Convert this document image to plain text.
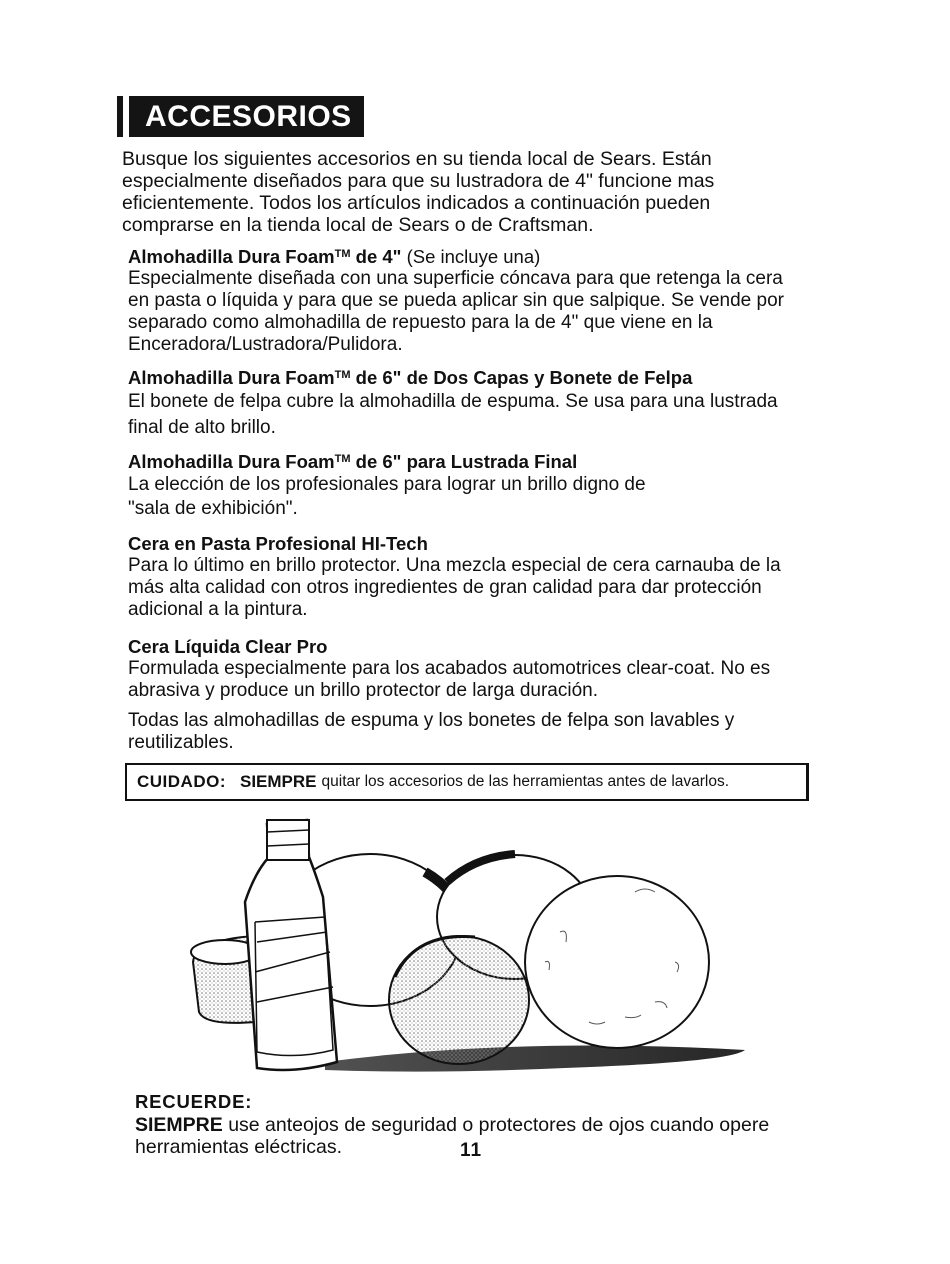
ACCESORIOS

Busque los siguientes accesorios en su tienda local de Sears. Están especialmente diseñados para que su lustradora de 4" funcione mas eficientemente. Todos los artículos indicados a continuación pueden comprarse en la tienda local de Sears o de Craftsman.

Almohadilla Dura Foam™ de 4" (Se incluye una)

Especialmente diseñada con una superficie cóncava para que retenga la cera en pasta o líquida y para que se pueda aplicar sin que salpique. Se vende por separado como almohadilla de repuesto para la de 4" que viene en la Enceradora/Lustradora/Pulidora.

Almohadilla Dura Foam™ de 6" de Dos Capas y Bonete de Felpa

El bonete de felpa cubre la almohadilla de espuma. Se usa para una lustrada final de alto brillo.

Almohadilla Dura Foam™ de 6" para Lustrada Final

La elección de los profesionales para lograr un brillo digno de "sala de exhibición".

Cera en Pasta Profesional HI-Tech

Para lo último en brillo protector. Una mezcla especial de cera carnauba de la más alta calidad con otros ingredientes de gran calidad para dar protección adicional a la pintura.

Cera Líquida Clear Pro

Formulada especialmente para los acabados automotrices clear-coat. No es abrasiva y produce un brillo protector de larga duración.

Todas las almohadillas de espuma y los bonetes de felpa son lavables y reutilizables.

CUIDADO: SIEMPRE quitar los accesorios de las herramientas antes de lavarlos.
RECUERDE:

SIEMPRE use anteojos de seguridad o protectores de ojos cuando opere herramientas eléctricas.	11
